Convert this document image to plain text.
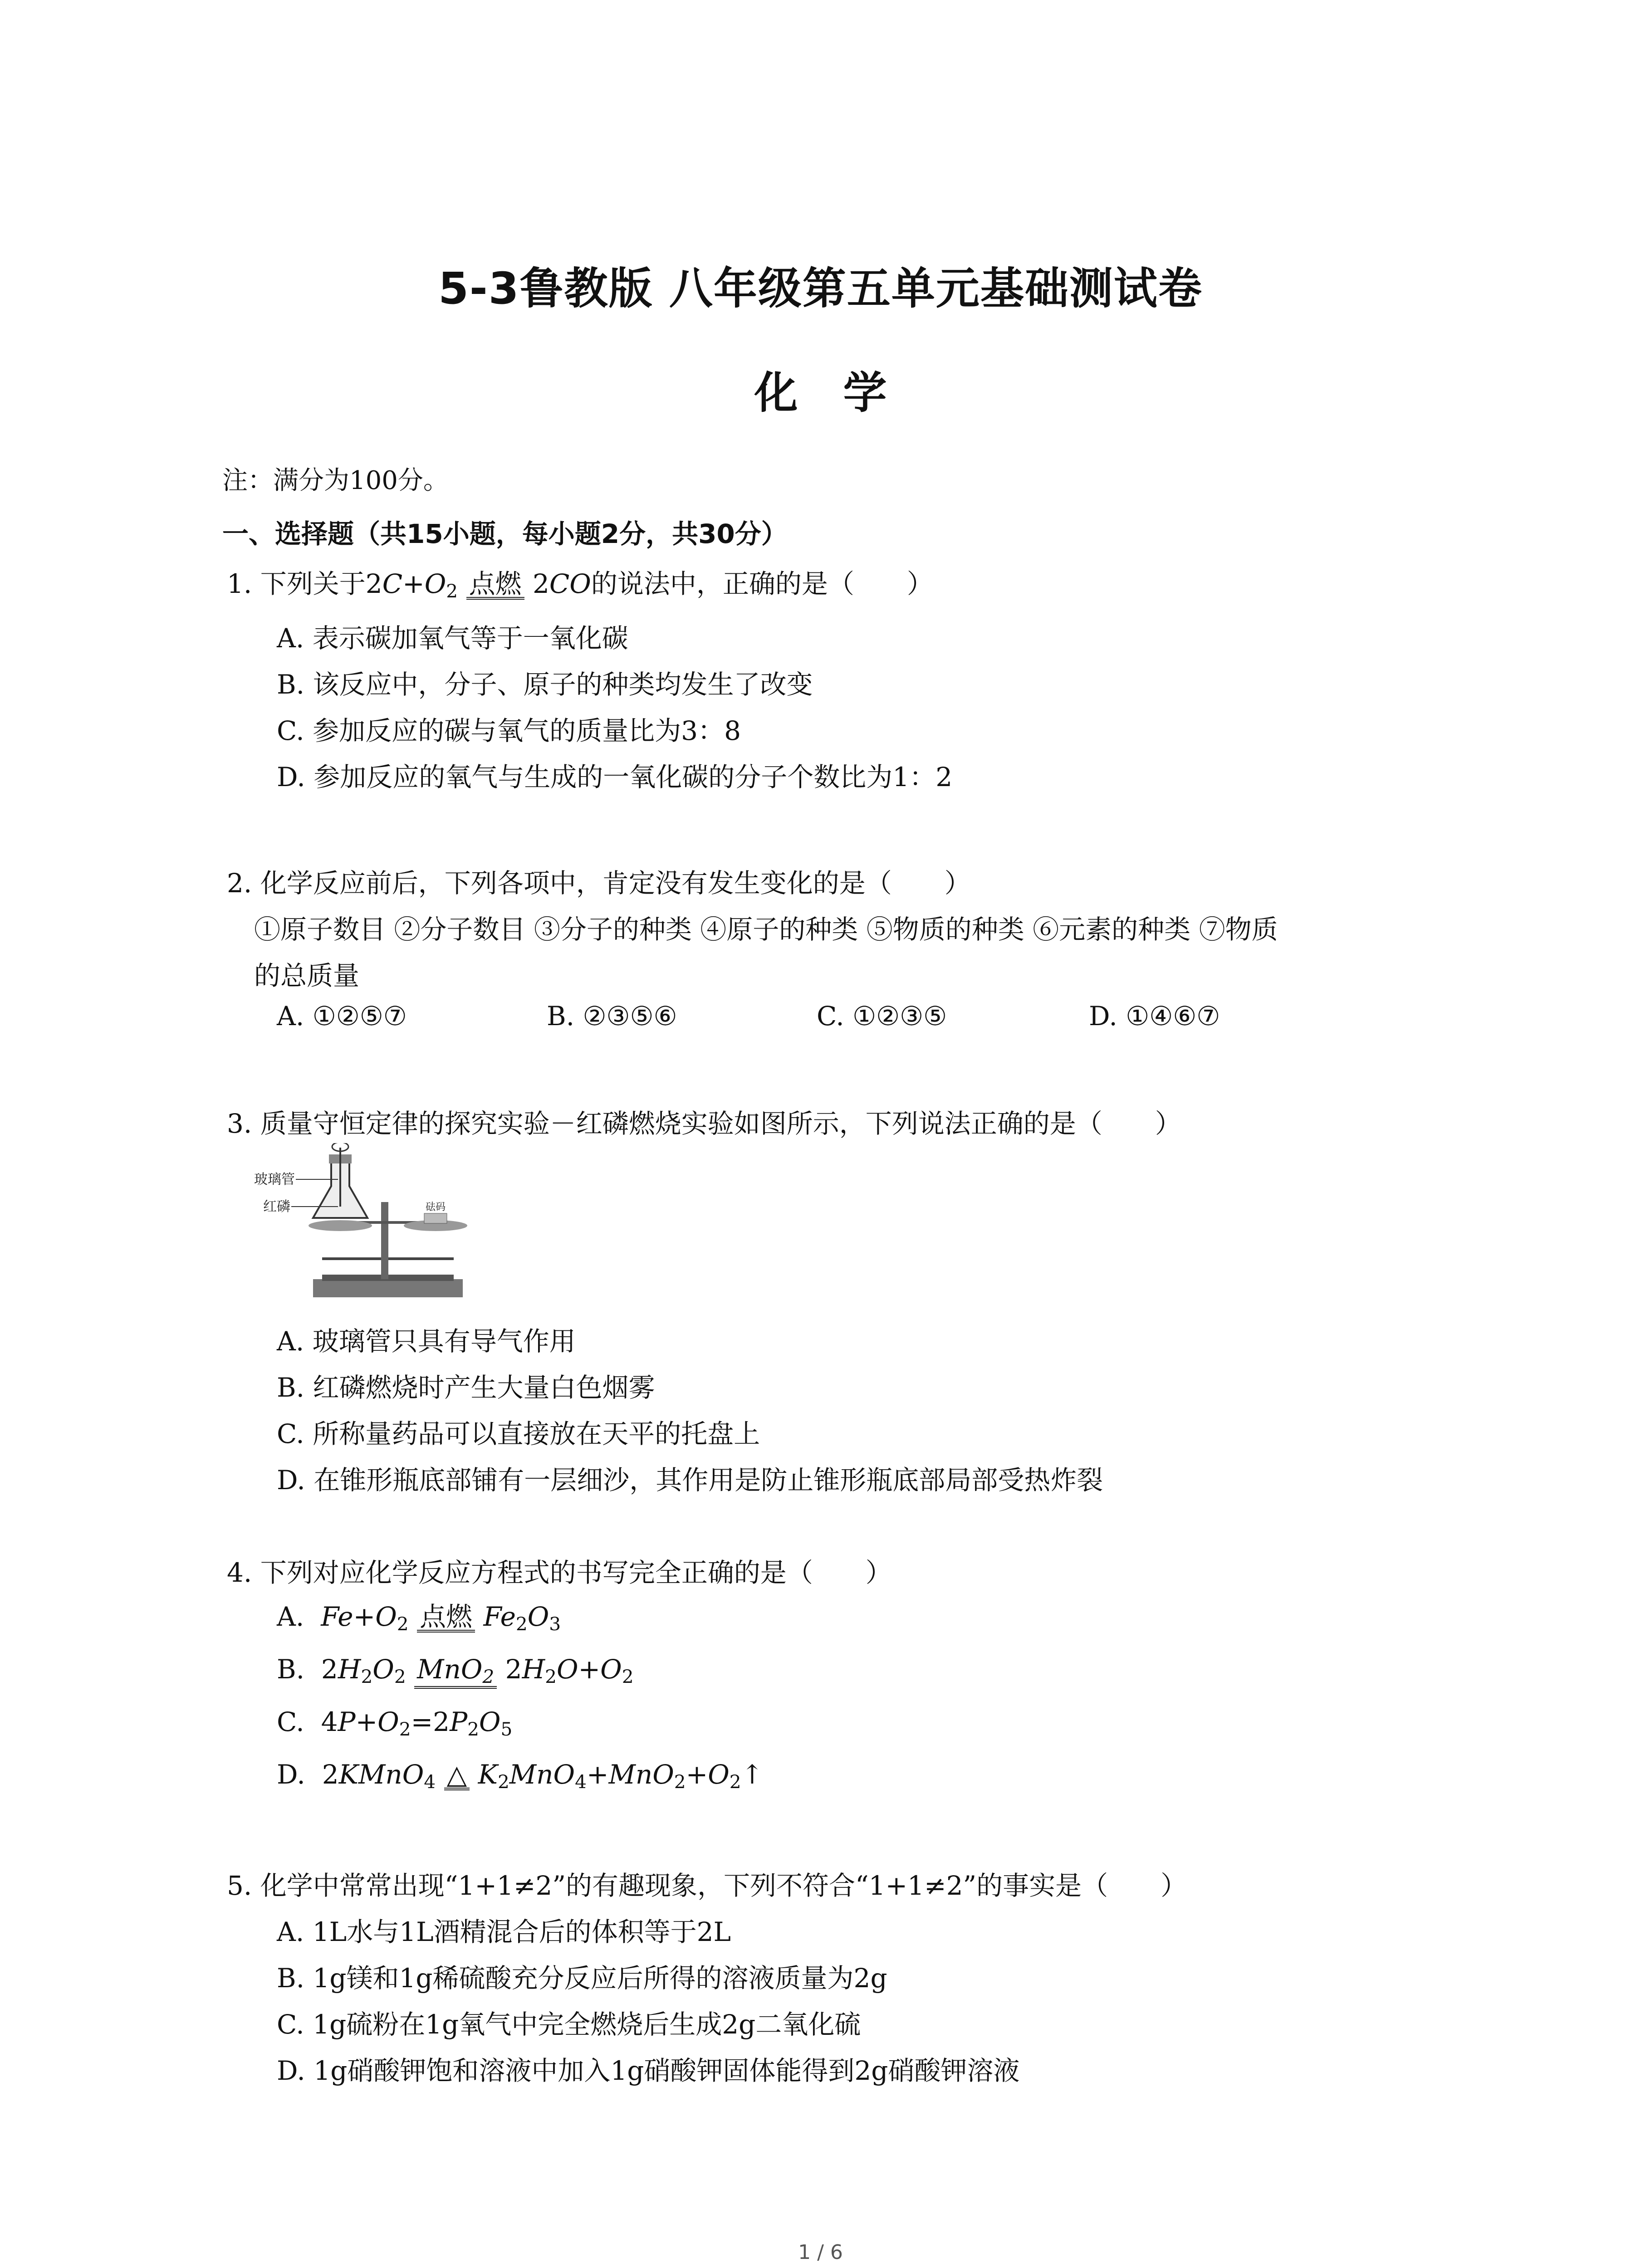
5-3鲁教版 八年级第五单元基础测试卷
化学
注：满分为100分。
一、选择题（共15小题，每小题2分，共30分）
1. 下列关于$2C+O_2$ 点燃 2CO的说法中，正确的是（　　）
A. 表示碳加氧气等于一氧化碳
B. 该反应中，分子、原子的种类均发生了改变
C. 参加反应的碳与氧气的质量比为3：8
D. 参加反应的氧气与生成的一氧化碳的分子个数比为1：2
2. 化学反应前后，下列各项中，肯定没有发生变化的是（　　）
①原子数目 ②分子数目 ③分子的种类 ④原子的种类 ⑤物质的种类 ⑥元素的种类 ⑦物质
的总质量
A. ①②⑤⑦	B. ②③⑤⑥	C. ①②③⑤	D. ①④⑥⑦
3. 质量守恒定律的探究实验－红磷燃烧实验如图所示，下列说法正确的是（　　）
砝码
玻璃管
红磷
A. 玻璃管只具有导气作用
B. 红磷燃烧时产生大量白色烟雾
C. 所称量药品可以直接放在天平的托盘上
D. 在锥形瓶底部铺有一层细沙，其作用是防止锥形瓶底部局部受热炸裂
4. 下列对应化学反应方程式的书写完全正确的是（　　）
A. $Fe+O_2$ 点燃 $Fe_2O_3$
B.  $2H_2O_2$ MnO$_2$ $2H_2O+O_2$
C.  $4P+O_2=2P_2O_5$
D.  2KMnO$_4$ △ $K_2MnO_4+MnO_2+O_2↑$
5. 化学中常常出现“1+1≠2”的有趣现象，下列不符合“1+1≠2”的事实是（　　）
A. 1L水与1L酒精混合后的体积等于2L
B. 1g镁和1g稀硫酸充分反应后所得的溶液质量为2g
C. 1g硫粉在1g氧气中完全燃烧后生成2g二氧化硫
D. 1g硝酸钾饱和溶液中加入1g硝酸钾固体能得到2g硝酸钾溶液
1 / 6
